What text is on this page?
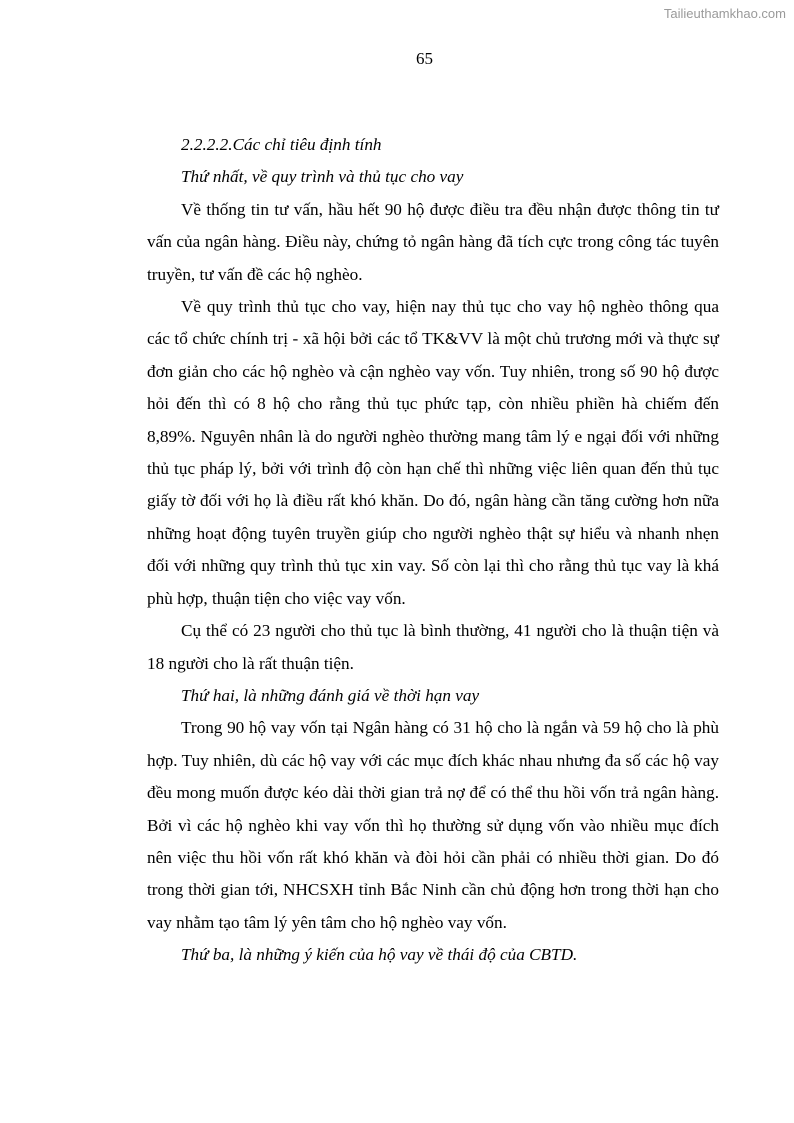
Tailieuthamkhao.com
65

2.2.2.2.Các chỉ tiêu định tính

Thứ nhất, về quy trình và thủ tục cho vay

Về thống tin tư vấn, hầu hết 90 hộ được điều tra đều nhận được thông tin tư vấn của ngân hàng. Điều này, chứng tỏ ngân hàng đã tích cực trong công tác tuyên truyền, tư vấn đề các hộ nghèo.

Về quy trình thủ tục cho vay, hiện nay thủ tục cho vay hộ nghèo thông qua các tổ chức chính trị - xã hội bởi các tổ TK&VV là một chủ trương mới và thực sự đơn giản cho các hộ nghèo và cận nghèo vay vốn. Tuy nhiên, trong số 90 hộ được hỏi đến thì có 8 hộ cho rằng thủ tục phức tạp, còn nhiều phiền hà chiếm đến 8,89%. Nguyên nhân là do người nghèo thường mang tâm lý e ngại đối với những thủ tục pháp lý, bởi với trình độ còn hạn chế thì những việc liên quan đến thủ tục giấy tờ đối với họ là điều rất khó khăn. Do đó, ngân hàng cần tăng cường hơn nữa những hoạt động tuyên truyền giúp cho người nghèo thật sự hiểu và nhanh nhẹn đối với những quy trình thủ tục xin vay. Số còn lại thì cho rằng thủ tục vay là khá phù hợp, thuận tiện cho việc vay vốn.

Cụ thể có 23 người cho thủ tục là bình thường, 41 người cho là thuận tiện và 18 người cho là rất thuận tiện.

Thứ hai, là những đánh giá về thời hạn vay

Trong 90 hộ vay vốn tại Ngân hàng có 31 hộ cho là ngắn và 59 hộ cho là phù hợp. Tuy nhiên, dù các hộ vay với các mục đích khác nhau nhưng đa số các hộ vay đều mong muốn được kéo dài thời gian trả nợ để có thể thu hồi vốn trả ngân hàng. Bởi vì các hộ nghèo khi vay vốn thì họ thường sử dụng vốn vào nhiều mục đích nên việc thu hồi vốn rất khó khăn và đòi hỏi cần phải có nhiều thời gian. Do đó trong thời gian tới, NHCSXH tỉnh Bắc Ninh cần chủ động hơn trong thời hạn cho vay nhằm tạo tâm lý yên tâm cho hộ nghèo vay vốn.

Thứ ba, là những ý kiến của hộ vay về thái độ của CBTD.
